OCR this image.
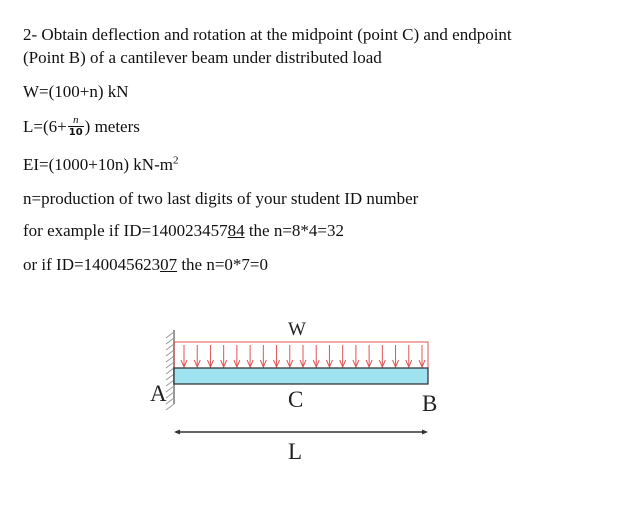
2- Obtain deflection and rotation at the midpoint (point C) and endpoint
(Point B) of a cantilever beam under distributed load
W=(100+n) kN
$L=(6+ \frac{n}{10}$ ) meters
EI=(1000+10n) $kN-m^2$
n=production of two last digits of your student ID number
for example if ID=14002345784 the n=8*4=32
or if ID=14004562307 the n=0*7=0
W
A	C	B
L
